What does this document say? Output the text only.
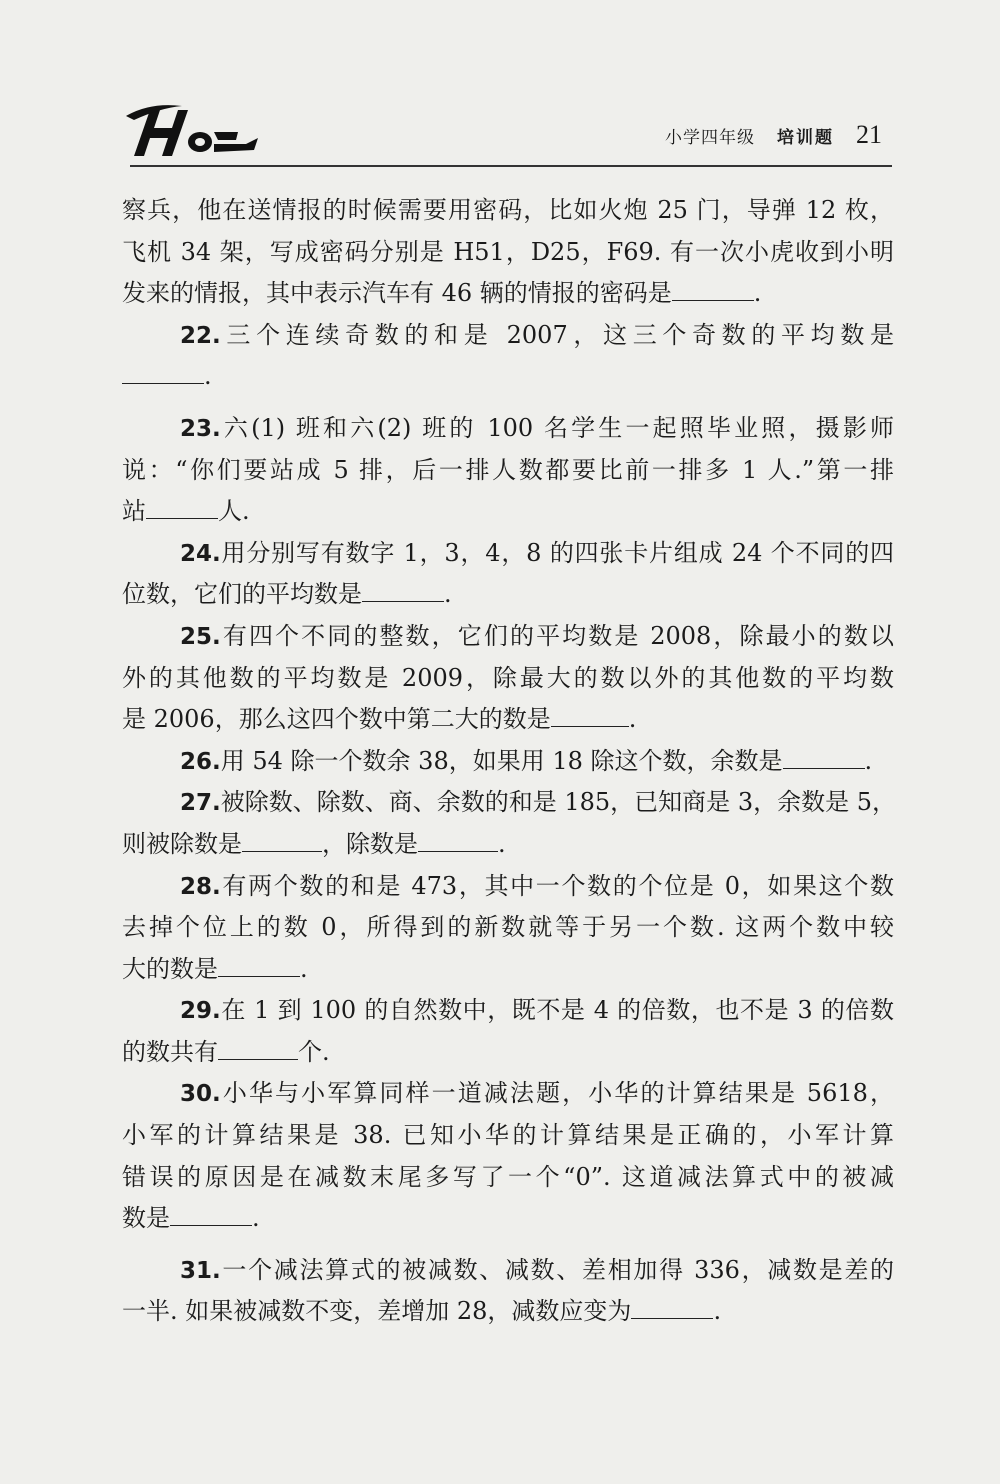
小学四年级 培训题 21
察兵，他在送情报的时候需要用密码，比如火炮 25 门，导弹 12 枚，
飞机 34 架，写成密码分别是 H51，D25，F69. 有一次小虎收到小明
发来的情报，其中表示汽车有 46 辆的情报的密码是	.
22.三个连续奇数的和是 2007，这三个奇数的平均数是
.
23.六(1) 班和六(2) 班的 100 名学生一起照毕业照，摄影师
说：“你们要站成 5 排，后一排人数都要比前一排多 1 人.”第一排
站	人.
24.用分别写有数字 1，3，4，8 的四张卡片组成 24 个不同的四
位数，它们的平均数是	.
25.有四个不同的整数，它们的平均数是 2008，除最小的数以
外的其他数的平均数是 2009，除最大的数以外的其他数的平均数
是 2006，那么这四个数中第二大的数是	.
26.用 54 除一个数余 38，如果用 18 除这个数，余数是	.
27.被除数、除数、商、余数的和是 185，已知商是 3，余数是 5，
则被除数是	，除数是	.
28.有两个数的和是 473，其中一个数的个位是 0，如果这个数
去掉个位上的数 0，所得到的新数就等于另一个数. 这两个数中较
大的数是	.
29.在 1 到 100 的自然数中，既不是 4 的倍数，也不是 3 的倍数
的数共有	个.
30.小华与小军算同样一道减法题，小华的计算结果是 5618，
小军的计算结果是 38. 已知小华的计算结果是正确的，小军计算
错误的原因是在减数末尾多写了一个“0”. 这道减法算式中的被减
数是	.
31.一个减法算式的被减数、减数、差相加得 336，减数是差的
一半. 如果被减数不变，差增加 28，减数应变为	.
